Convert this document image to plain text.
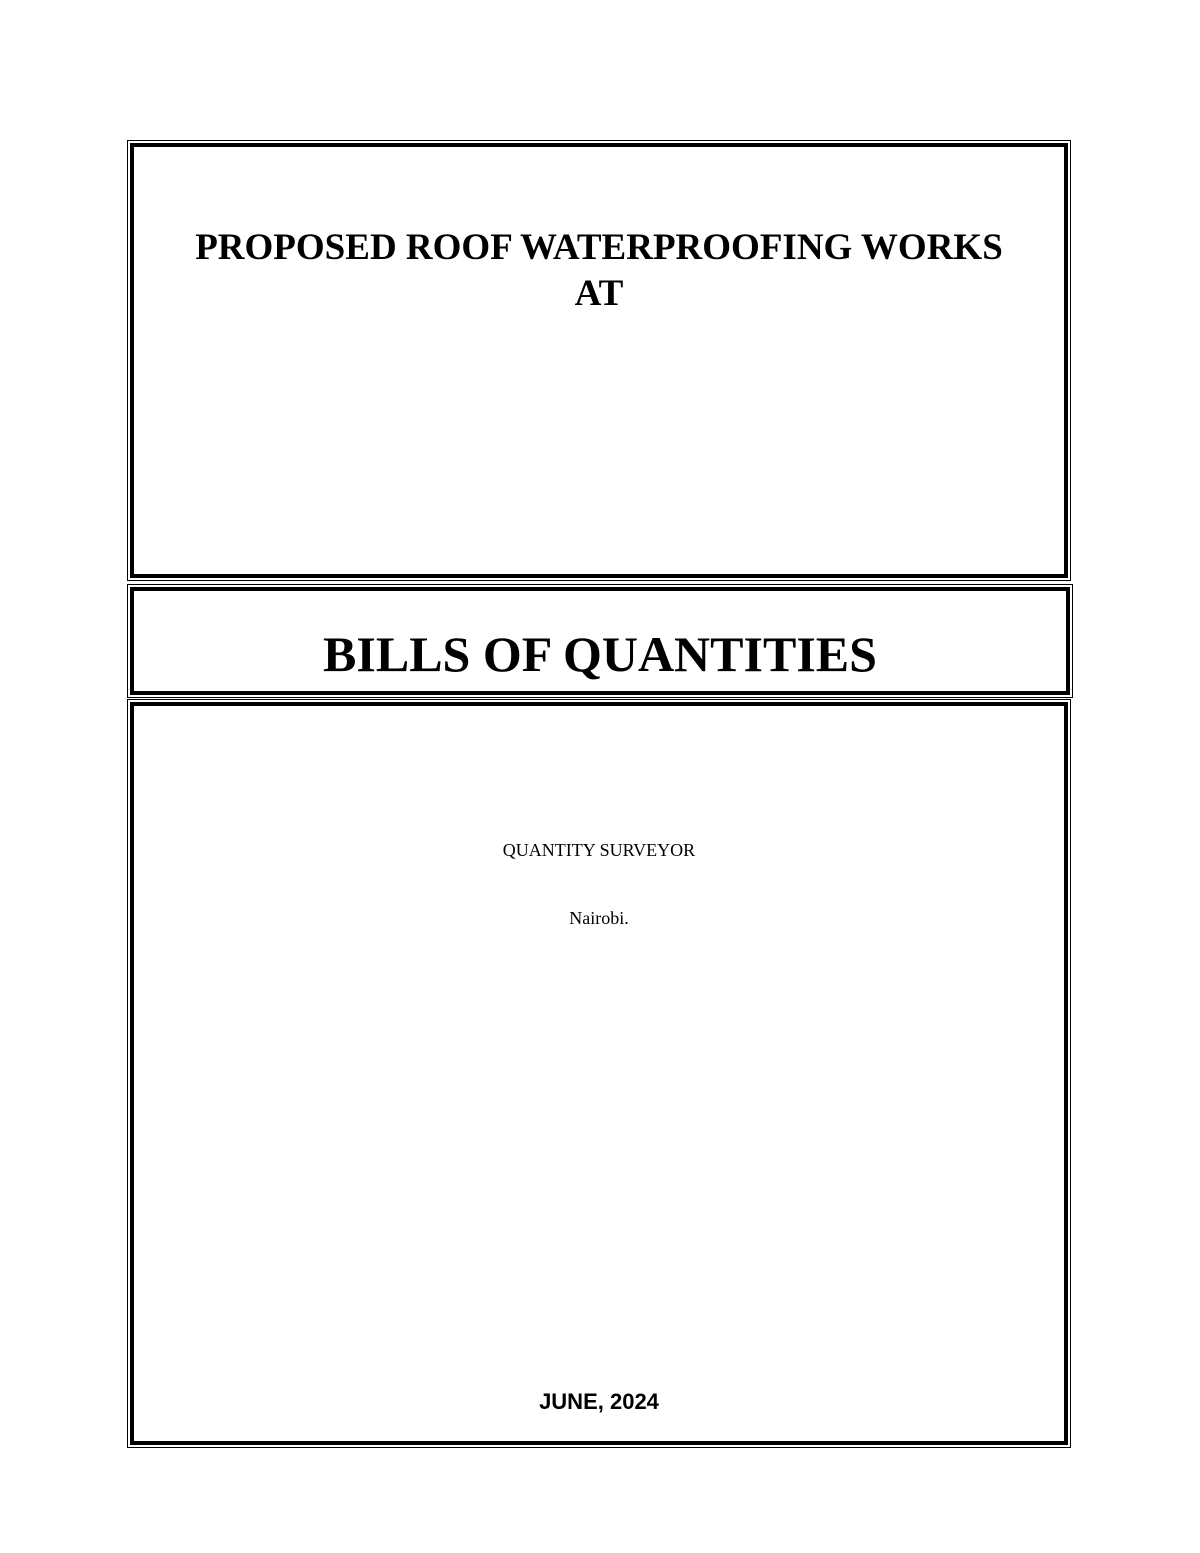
PROPOSED ROOF WATERPROOFING WORKS
AT
BILLS OF QUANTITIES
QUANTITY SURVEYOR
Nairobi.
JUNE, 2024
